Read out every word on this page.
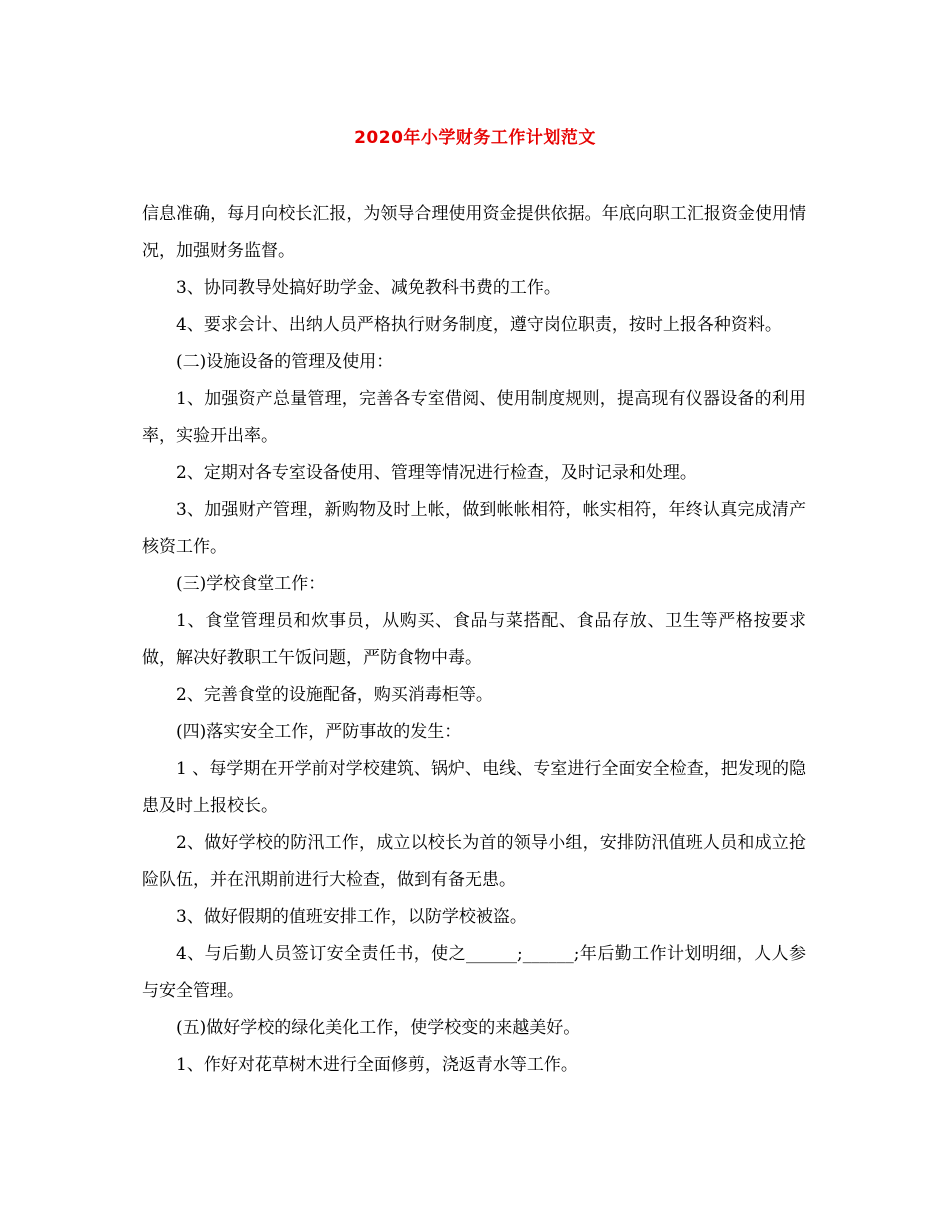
2020年小学财务工作计划范文

信息准确，每月向校长汇报，为领导合理使用资金提供依据。年底向职工汇报资金使用情况，加强财务监督。

3、协同教导处搞好助学金、减免教科书费的工作。

4、要求会计、出纳人员严格执行财务制度，遵守岗位职责，按时上报各种资料。

(二)设施设备的管理及使用：

1、加强资产总量管理，完善各专室借阅、使用制度规则，提高现有仪器设备的利用率，实验开出率。

2、定期对各专室设备使用、管理等情况进行检查，及时记录和处理。

3、加强财产管理，新购物及时上帐，做到帐帐相符，帐实相符，年终认真完成清产核资工作。

(三)学校食堂工作：

1、食堂管理员和炊事员，从购买、食品与菜搭配、食品存放、卫生等严格按要求做，解决好教职工午饭问题，严防食物中毒。

2、完善食堂的设施配备，购买消毒柜等。

(四)落实安全工作，严防事故的发生：

1 、每学期在开学前对学校建筑、锅炉、电线、专室进行全面安全检查，把发现的隐患及时上报校长。

2、做好学校的防汛工作，成立以校长为首的领导小组，安排防汛值班人员和成立抢险队伍，并在汛期前进行大检查，做到有备无患。

3、做好假期的值班安排工作，以防学校被盗。

4、与后勤人员签订安全责任书，使之______;______;年后勤工作计划明细，人人参与安全管理。

(五)做好学校的绿化美化工作，使学校变的来越美好。

1、作好对花草树木进行全面修剪，浇返青水等工作。
